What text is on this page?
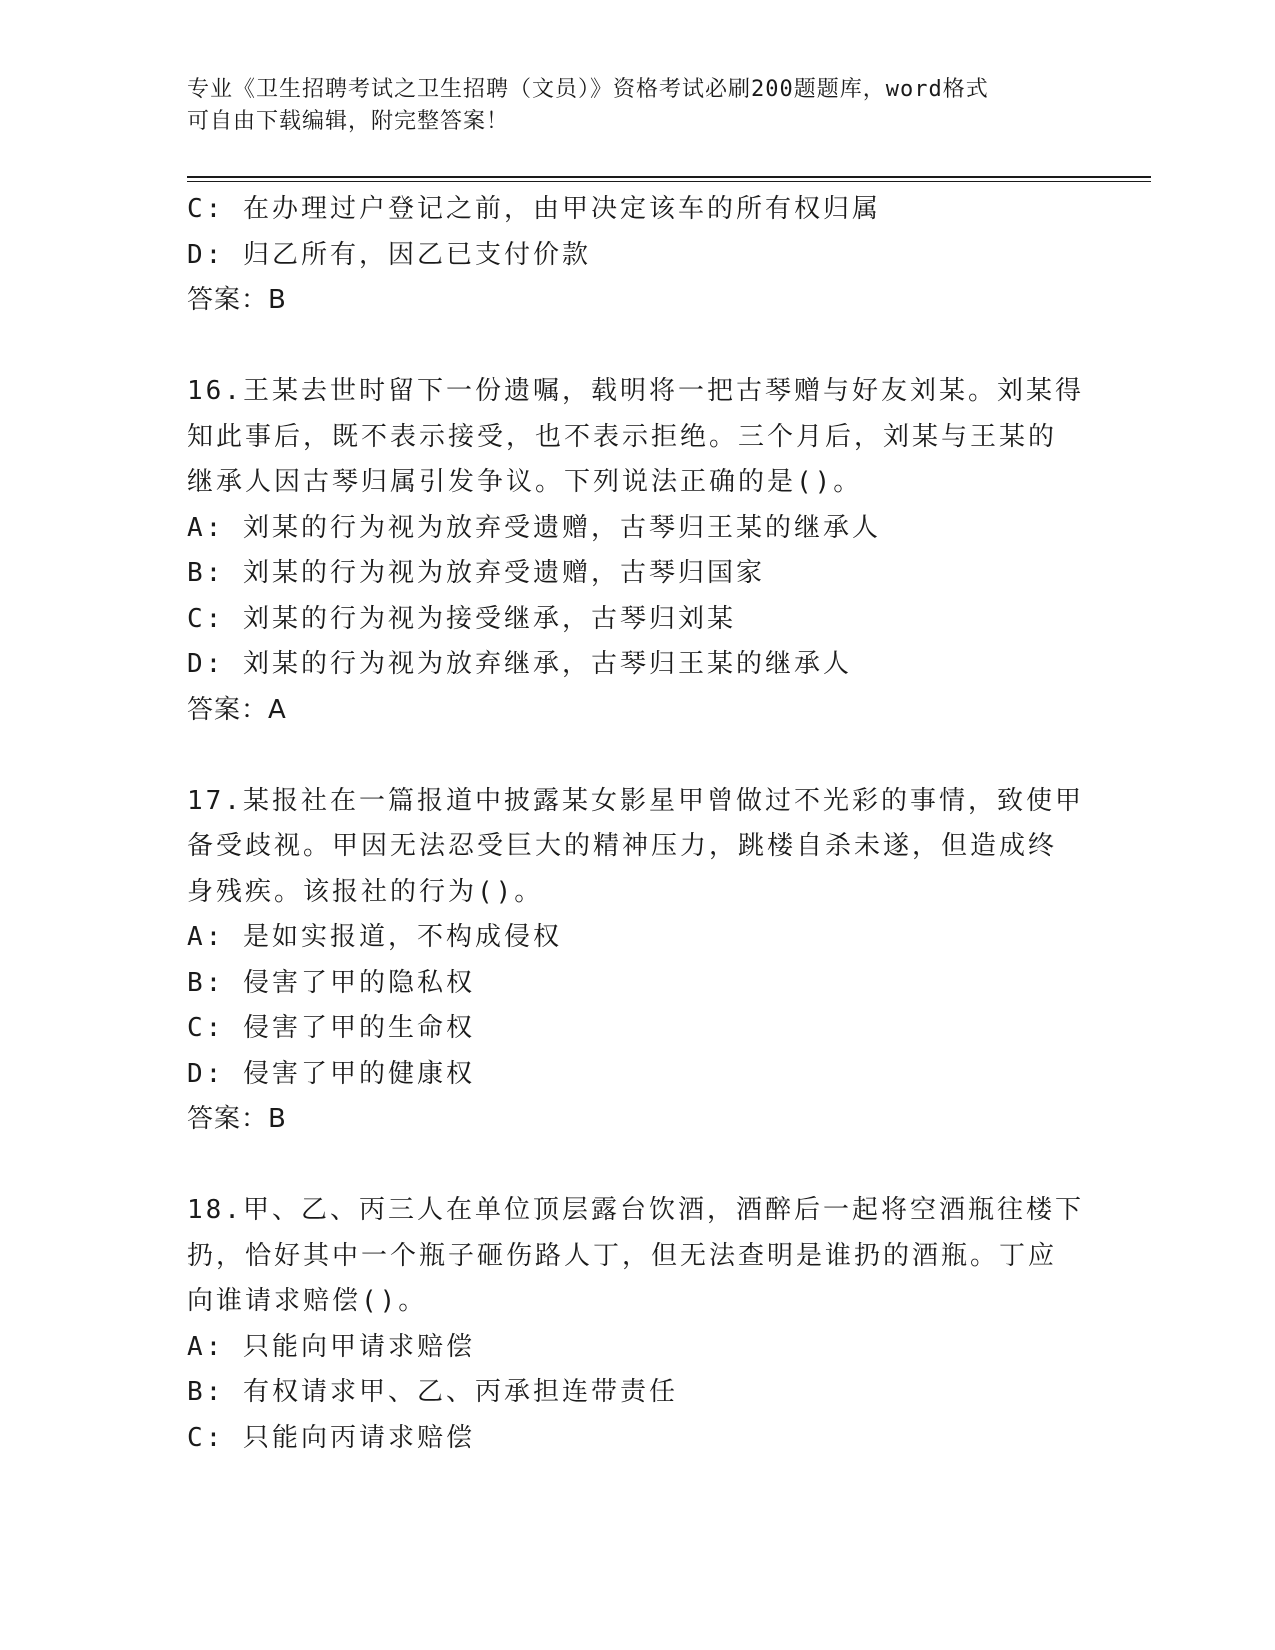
专业《卫生招聘考试之卫生招聘（文员）》资格考试必刷200题题库，word格式
可自由下载编辑，附完整答案！
C: 在办理过户登记之前，由甲决定该车的所有权归属
D: 归乙所有，因乙已支付价款
答案：B
16.王某去世时留下一份遗嘱，载明将一把古琴赠与好友刘某。刘某得
知此事后，既不表示接受，也不表示拒绝。三个月后，刘某与王某的
继承人因古琴归属引发争议。下列说法正确的是()。
A: 刘某的行为视为放弃受遗赠，古琴归王某的继承人
B: 刘某的行为视为放弃受遗赠，古琴归国家
C: 刘某的行为视为接受继承，古琴归刘某
D: 刘某的行为视为放弃继承，古琴归王某的继承人
答案：A
17.某报社在一篇报道中披露某女影星甲曾做过不光彩的事情，致使甲
备受歧视。甲因无法忍受巨大的精神压力，跳楼自杀未遂，但造成终
身残疾。该报社的行为()。
A: 是如实报道，不构成侵权
B: 侵害了甲的隐私权
C: 侵害了甲的生命权
D: 侵害了甲的健康权
答案：B
18.甲、乙、丙三人在单位顶层露台饮酒，酒醉后一起将空酒瓶往楼下
扔，恰好其中一个瓶子砸伤路人丁，但无法查明是谁扔的酒瓶。丁应
向谁请求赔偿()。
A: 只能向甲请求赔偿
B: 有权请求甲、乙、丙承担连带责任
C: 只能向丙请求赔偿
